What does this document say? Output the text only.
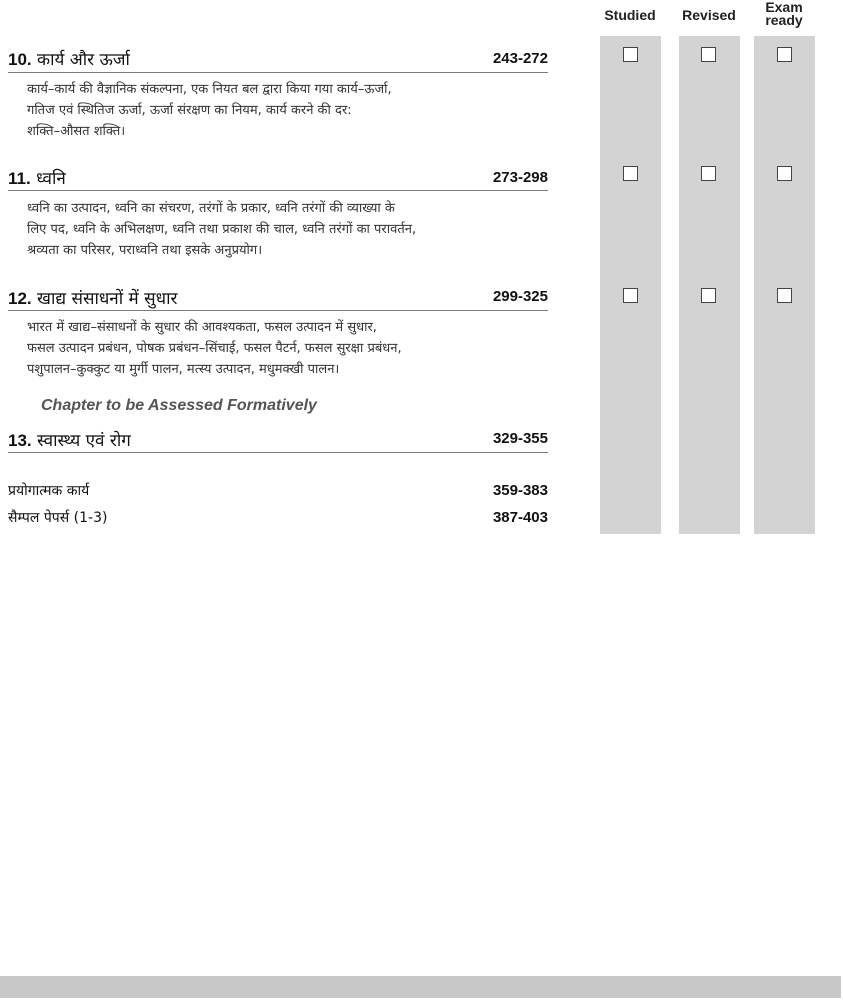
Studied	Revised	Exam
ready
10. कार्य और ऊर्जा	243-272
कार्य–कार्य की वैज्ञानिक संकल्पना, एक नियत बल द्वारा किया गया कार्य–ऊर्जा,
गतिज एवं स्थितिज ऊर्जा, ऊर्जा संरक्षण का नियम, कार्य करने की दर:
शक्ति–औसत शक्ति।
11. ध्वनि	273-298
ध्वनि का उत्पादन, ध्वनि का संचरण, तरंगों के प्रकार, ध्वनि तरंगों की व्याख्या के
लिए पद, ध्वनि के अभिलक्षण, ध्वनि तथा प्रकाश की चाल, ध्वनि तरंगों का परावर्तन,
श्रव्यता का परिसर, पराध्वनि तथा इसके अनुप्रयोग।
12. खाद्य संसाधनों में सुधार	299-325
भारत में खाद्य–संसाधनों के सुधार की आवश्यकता, फसल उत्पादन में सुधार,
फसल उत्पादन प्रबंधन, पोषक प्रबंधन–सिंचाई, फसल पैटर्न, फसल सुरक्षा प्रबंधन,
पशुपालन–कुक्कुट या मुर्गी पालन, मत्स्य उत्पादन, मधुमक्खी पालन।
Chapter to be Assessed Formatively
13. स्वास्थ्य एवं रोग	329-355
प्रयोगात्मक कार्य	359-383
सैम्पल पेपर्स (1-3)	387-403
